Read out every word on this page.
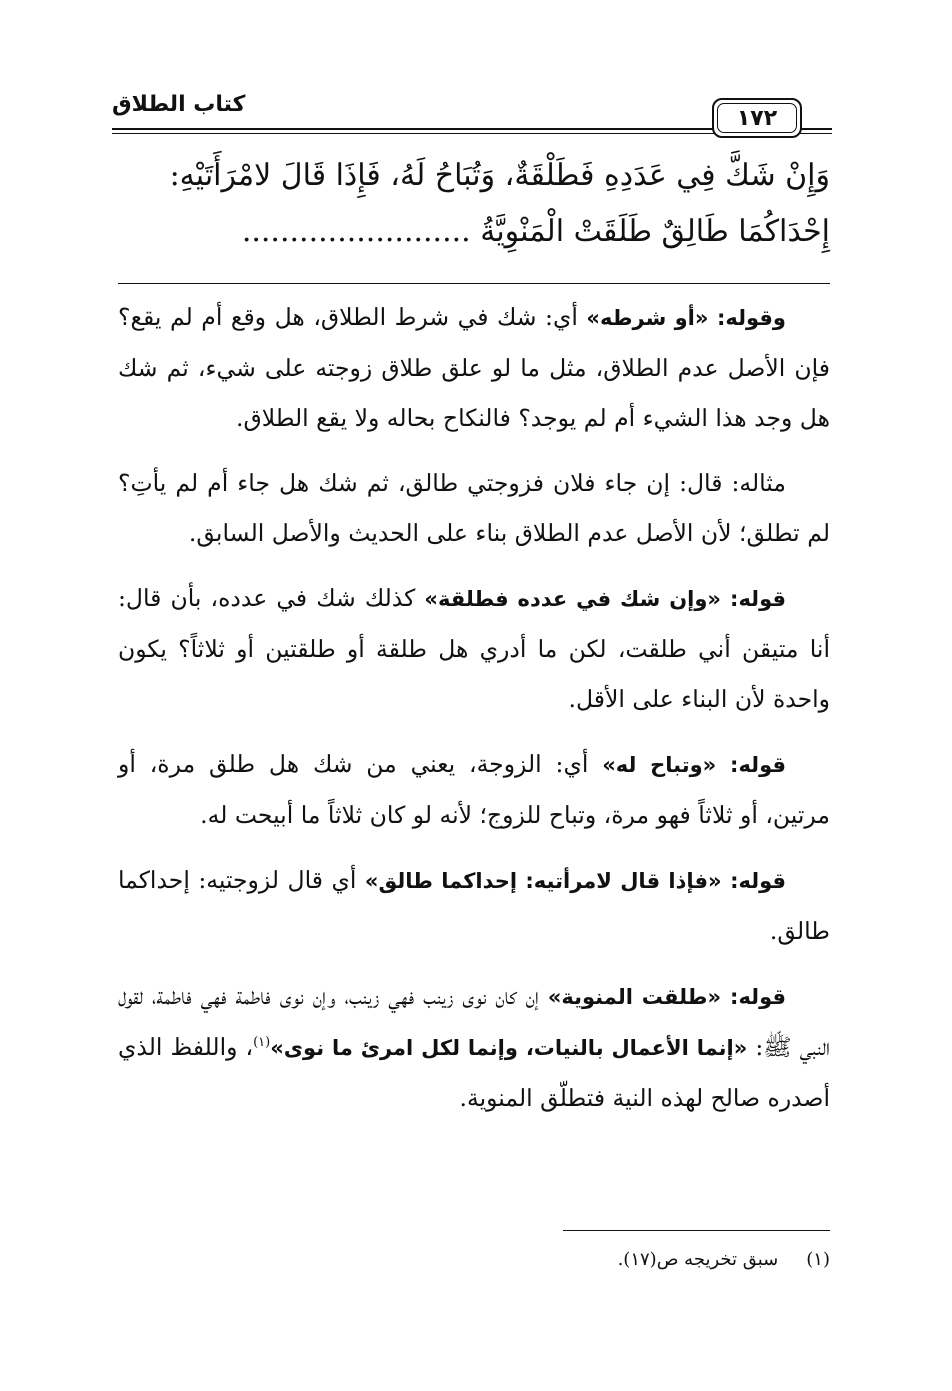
١٧٢
كتاب الطلاق
وَإِنْ شَكَّ فِي عَدَدِهِ فَطَلْقَةٌ، وَتُبَاحُ لَهُ، فَإِذَا قَالَ لامْرَأَتَيْهِ:
إِحْدَاكُمَا طَالِقٌ طَلَقَتْ الْمَنْوِيَّةُ ........................

وقوله: «أو شرطه» أي: شك في شرط الطلاق، هل وقع أم لم يقع؟ فإن الأصل عدم الطلاق، مثل ما لو علق طلاق زوجته على شيء، ثم شك هل وجد هذا الشيء أم لم يوجد؟ فالنكاح بحاله ولا يقع الطلاق.

مثاله: قال: إن جاء فلان فزوجتي طالق، ثم شك هل جاء أم لم يأتِ؟ لم تطلق؛ لأن الأصل عدم الطلاق بناء على الحديث والأصل السابق.

قوله: «وإن شك في عدده فطلقة» كذلك شك في عدده، بأن قال: أنا متيقن أني طلقت، لكن ما أدري هل طلقة أو طلقتين أو ثلاثاً؟ يكون واحدة لأن البناء على الأقل.

قوله: «وتباح له» أي: الزوجة، يعني من شك هل طلق مرة، أو مرتين، أو ثلاثاً فهو مرة، وتباح للزوج؛ لأنه لو كان ثلاثاً ما أبيحت له.

قوله: «فإذا قال لامرأتيه: إحداكما طالق» أي قال لزوجتيه: إحداكما طالق.

قوله: «طلقت المنوية» إن كان نوى زينب فهي زينب، وإن نوى فاطمة فهي فاطمة، لقول النبي ﷺ: «إنما الأعمال بالنيات، وإنما لكل امرئ ما نوى»$^{(١)}$، واللفظ الذي أصدره صالح لهذه النية فتطلّق المنوية.

(١)سبق تخريجه ص(١٧).
